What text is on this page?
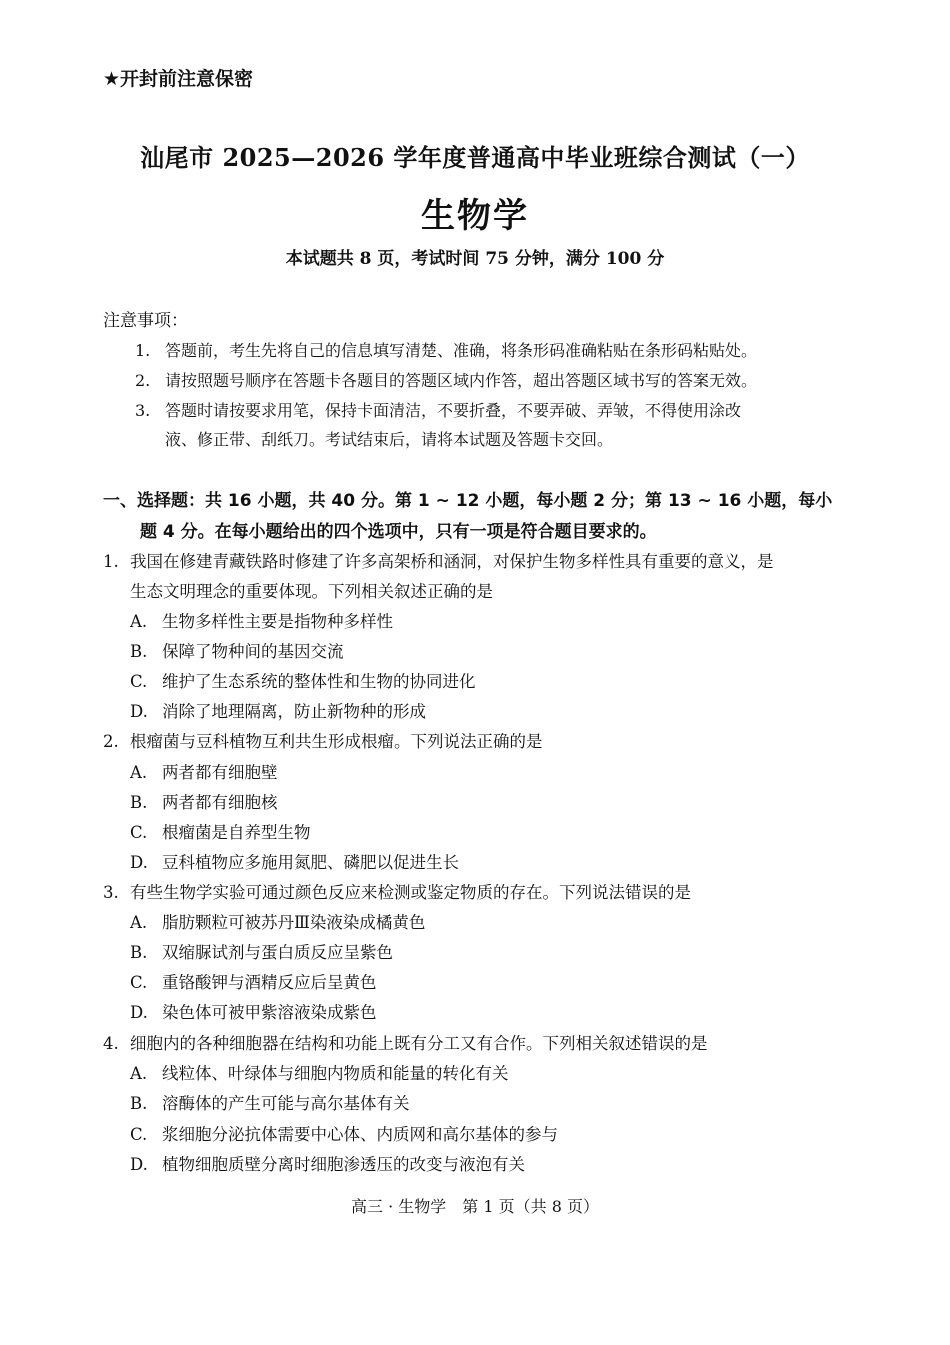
★开封前注意保密
汕尾市 2025—2026 学年度普通高中毕业班综合测试（一）
生物学
本试题共 8 页，考试时间 75 分钟，满分 100 分
注意事项：
1. 答题前，考生先将自己的信息填写清楚、准确，将条形码准确粘贴在条形码粘贴处。
2. 请按照题号顺序在答题卡各题目的答题区域内作答，超出答题区域书写的答案无效。
3. 答题时请按要求用笔，保持卡面清洁，不要折叠，不要弄破、弄皱，不得使用涂改
液、修正带、刮纸刀。考试结束后，请将本试题及答题卡交回。
一、选择题：共 16 小题，共 40 分。第 1 ~ 12 小题，每小题 2 分；第 13 ~ 16 小题，每小
题 4 分。在每小题给出的四个选项中，只有一项是符合题目要求的。
1. 我国在修建青藏铁路时修建了许多高架桥和涵洞，对保护生物多样性具有重要的意义，是
生态文明理念的重要体现。下列相关叙述正确的是
A. 生物多样性主要是指物种多样性
B. 保障了物种间的基因交流
C. 维护了生态系统的整体性和生物的协同进化
D. 消除了地理隔离，防止新物种的形成
2. 根瘤菌与豆科植物互利共生形成根瘤。下列说法正确的是
A. 两者都有细胞壁
B. 两者都有细胞核
C. 根瘤菌是自养型生物
D. 豆科植物应多施用氮肥、磷肥以促进生长
3. 有些生物学实验可通过颜色反应来检测或鉴定物质的存在。下列说法错误的是
A. 脂肪颗粒可被苏丹Ⅲ染液染成橘黄色
B. 双缩脲试剂与蛋白质反应呈紫色
C. 重铬酸钾与酒精反应后呈黄色
D. 染色体可被甲紫溶液染成紫色
4. 细胞内的各种细胞器在结构和功能上既有分工又有合作。下列相关叙述错误的是
A. 线粒体、叶绿体与细胞内物质和能量的转化有关
B. 溶酶体的产生可能与高尔基体有关
C. 浆细胞分泌抗体需要中心体、内质网和高尔基体的参与
D. 植物细胞质壁分离时细胞渗透压的改变与液泡有关
高三 · 生物学　第 1 页（共 8 页）
